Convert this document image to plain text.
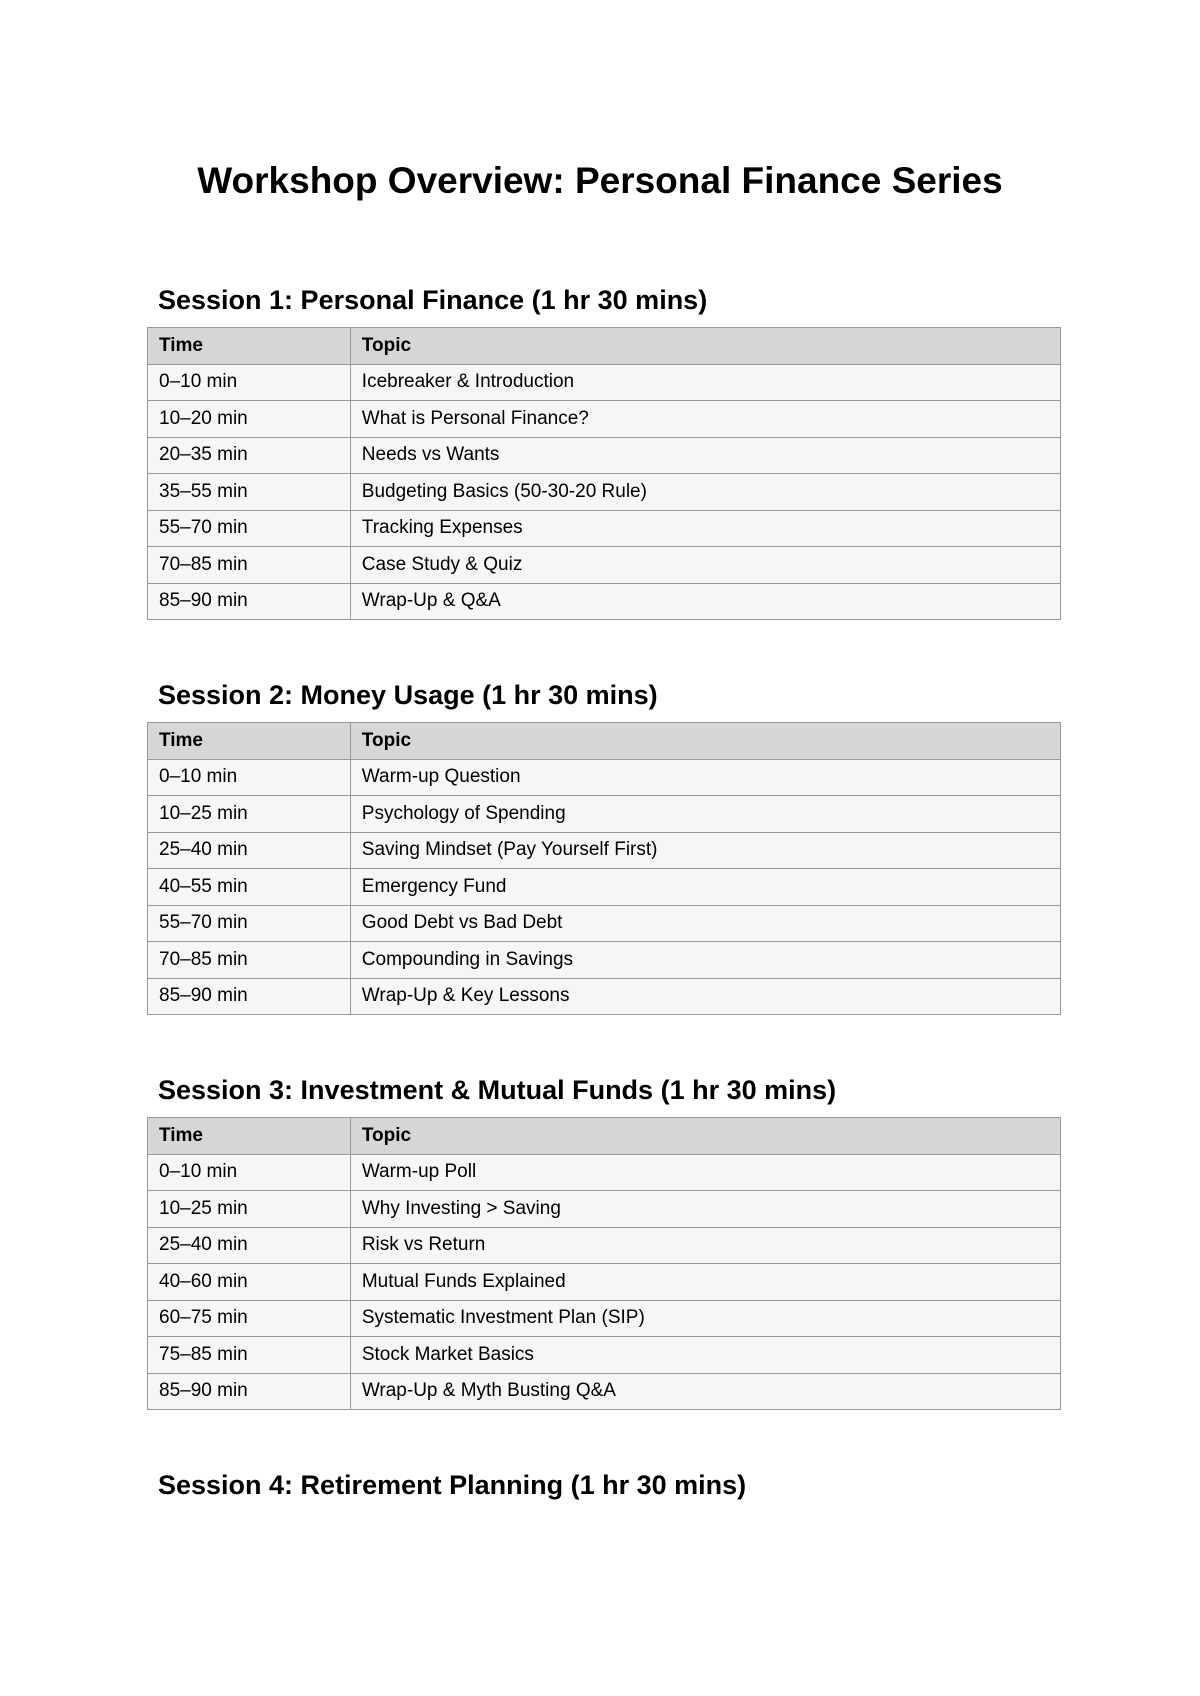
Workshop Overview: Personal Finance Series
Session 1: Personal Finance (1 hr 30 mins)
Time	Topic
0–10 min	Icebreaker & Introduction
10–20 min	What is Personal Finance?
20–35 min	Needs vs Wants
35–55 min	Budgeting Basics (50-30-20 Rule)
55–70 min	Tracking Expenses
70–85 min	Case Study & Quiz
85–90 min	Wrap-Up & Q&A
Session 2: Money Usage (1 hr 30 mins)
Time	Topic
0–10 min	Warm-up Question
10–25 min	Psychology of Spending
25–40 min	Saving Mindset (Pay Yourself First)
40–55 min	Emergency Fund
55–70 min	Good Debt vs Bad Debt
70–85 min	Compounding in Savings
85–90 min	Wrap-Up & Key Lessons
Session 3: Investment & Mutual Funds (1 hr 30 mins)
Time	Topic
0–10 min	Warm-up Poll
10–25 min	Why Investing > Saving
25–40 min	Risk vs Return
40–60 min	Mutual Funds Explained
60–75 min	Systematic Investment Plan (SIP)
75–85 min	Stock Market Basics
85–90 min	Wrap-Up & Myth Busting Q&A
Session 4: Retirement Planning (1 hr 30 mins)
